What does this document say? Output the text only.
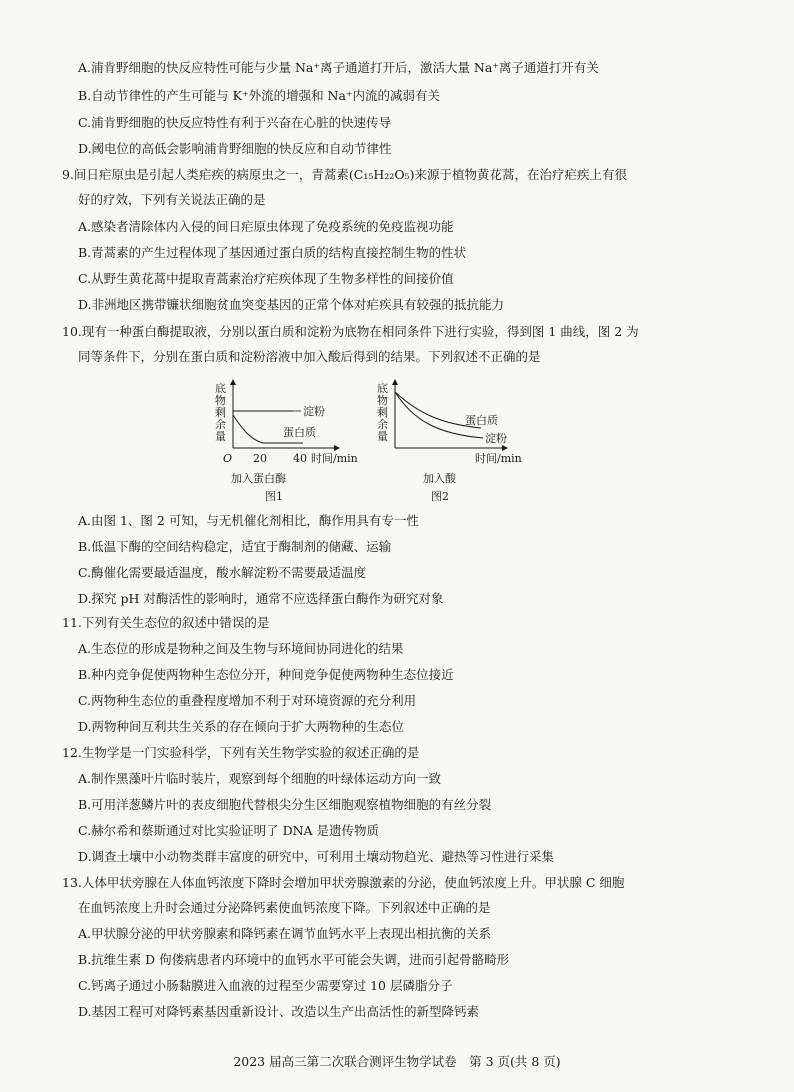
A.浦肯野细胞的快反应特性可能与少量 Na⁺离子通道打开后，激活大量 Na⁺离子通道打开有关
B.自动节律性的产生可能与 K⁺外流的增强和 Na⁺内流的减弱有关
C.浦肯野细胞的快反应特性有利于兴奋在心脏的快速传导
D.阈电位的高低会影响浦肯野细胞的快反应和自动节律性
9.间日疟原虫是引起人类疟疾的病原虫之一，青蒿素(C₁₅H₂₂O₅)来源于植物黄花蒿，在治疗疟疾上有很
好的疗效，下列有关说法正确的是
A.感染者清除体内入侵的间日疟原虫体现了免疫系统的免疫监视功能
B.青蒿素的产生过程体现了基因通过蛋白质的结构直接控制生物的性状
C.从野生黄花蒿中提取青蒿素治疗疟疾体现了生物多样性的间接价值
D.非洲地区携带镰状细胞贫血突变基因的正常个体对疟疾具有较强的抵抗能力
10.现有一种蛋白酶提取液，分别以蛋白质和淀粉为底物在相同条件下进行实验，得到图 1 曲线，图 2 为
同等条件下，分别在蛋白质和淀粉溶液中加入酸后得到的结果。下列叙述不正确的是
底物剩余量
淀粉
蛋白质
O 20 40 时间/min
加入蛋白酶
图1
底物剩余量
蛋白质
淀粉
时间/min
加入酸
图2
A.由图 1、图 2 可知，与无机催化剂相比，酶作用具有专一性
B.低温下酶的空间结构稳定，适宜于酶制剂的储藏、运输
C.酶催化需要最适温度，酸水解淀粉不需要最适温度
D.探究 pH 对酶活性的影响时，通常不应选择蛋白酶作为研究对象
11.下列有关生态位的叙述中错误的是
A.生态位的形成是物种之间及生物与环境间协同进化的结果
B.种内竞争促使两物种生态位分开，种间竞争促使两物种生态位接近
C.两物种生态位的重叠程度增加不利于对环境资源的充分利用
D.两物种间互利共生关系的存在倾向于扩大两物种的生态位
12.生物学是一门实验科学，下列有关生物学实验的叙述正确的是
A.制作黑藻叶片临时装片，观察到每个细胞的叶绿体运动方向一致
B.可用洋葱鳞片叶的表皮细胞代替根尖分生区细胞观察植物细胞的有丝分裂
C.赫尔希和蔡斯通过对比实验证明了 DNA 是遗传物质
D.调查土壤中小动物类群丰富度的研究中，可利用土壤动物趋光、避热等习性进行采集
13.人体甲状旁腺在人体血钙浓度下降时会增加甲状旁腺激素的分泌，使血钙浓度上升。甲状腺 C 细胞
在血钙浓度上升时会通过分泌降钙素使血钙浓度下降。下列叙述中正确的是
A.甲状腺分泌的甲状旁腺素和降钙素在调节血钙水平上表现出相抗衡的关系
B.抗维生素 D 佝偻病患者内环境中的血钙水平可能会失调，进而引起骨骼畸形
C.钙离子通过小肠黏膜进入血液的过程至少需要穿过 10 层磷脂分子
D.基因工程可对降钙素基因重新设计、改造以生产出高活性的新型降钙素
2023 届高三第二次联合测评生物学试卷　第 3 页(共 8 页)
